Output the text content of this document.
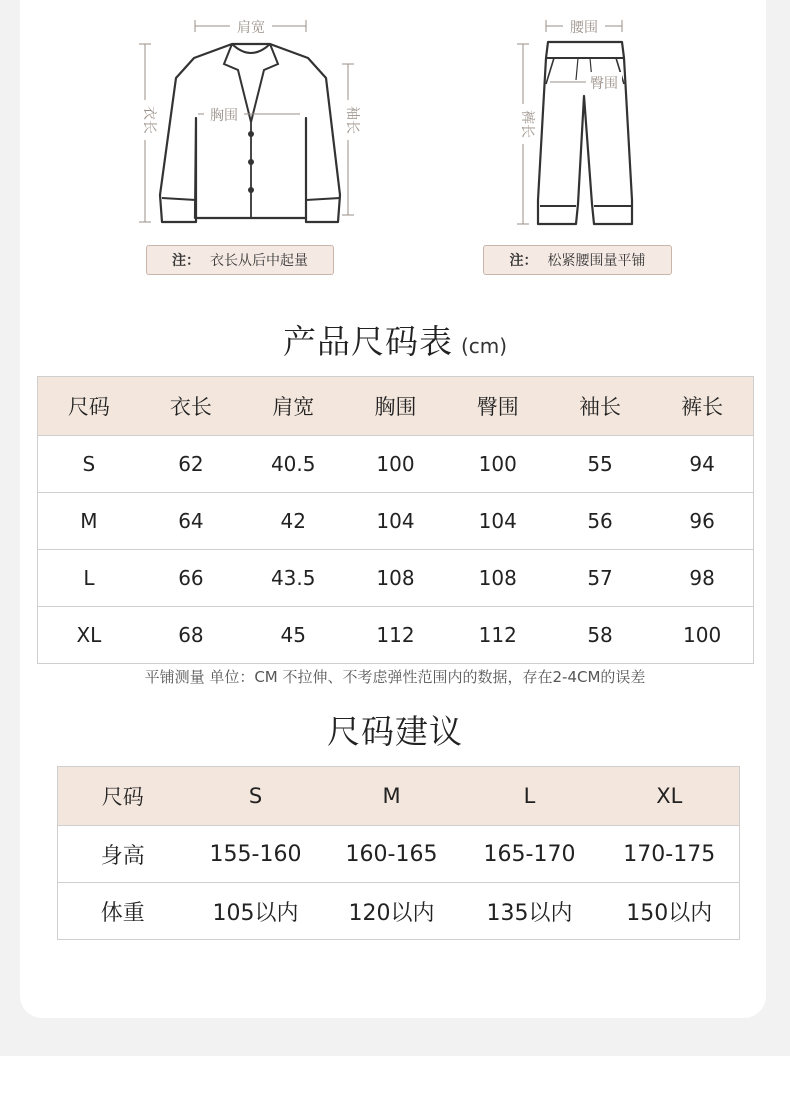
肩宽
衣长	袖长
胸围
腰围
裤长
臀围
注： 衣长从后中起量	注： 松紧腰围量平铺
产品尺码表 (cm)
尺码	衣长	肩宽	胸围	臀围	袖长	裤长
S	62	40.5	100	100	55	94
M	64	42	104	104	56	96
L	66	43.5	108	108	57	98
XL	68	45	112	112	58	100
平铺测量 单位：CM 不拉伸、不考虑弹性范围内的数据，存在2-4CM的误差
尺码建议
尺码	S	M	L	XL
身高	155-160	160-165	165-170	170-175
体重	105以内	120以内	135以内	150以内
